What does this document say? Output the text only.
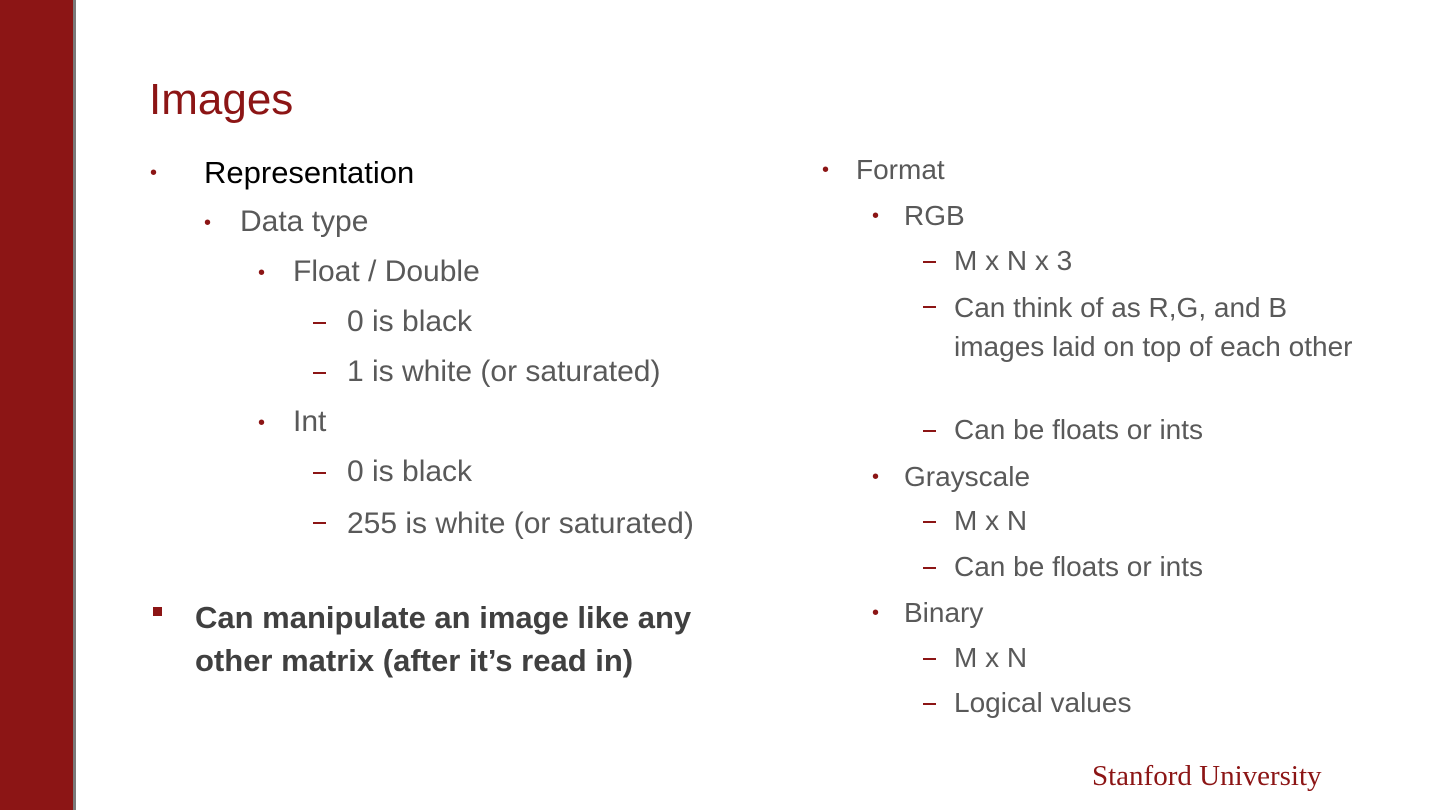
Images
• Representation
• Data type
• Float / Double
0 is black
1 is white (or saturated)
• Int
0 is black
255 is white (or saturated)
Can manipulate an image like any other matrix (after it’s read in)
• Format
• RGB
M x N x 3
Can think of as R,G, and B images laid on top of each other
Can be floats or ints
• Grayscale
M x N
Can be floats or ints
• Binary
M x N
Logical values
Stanford University
